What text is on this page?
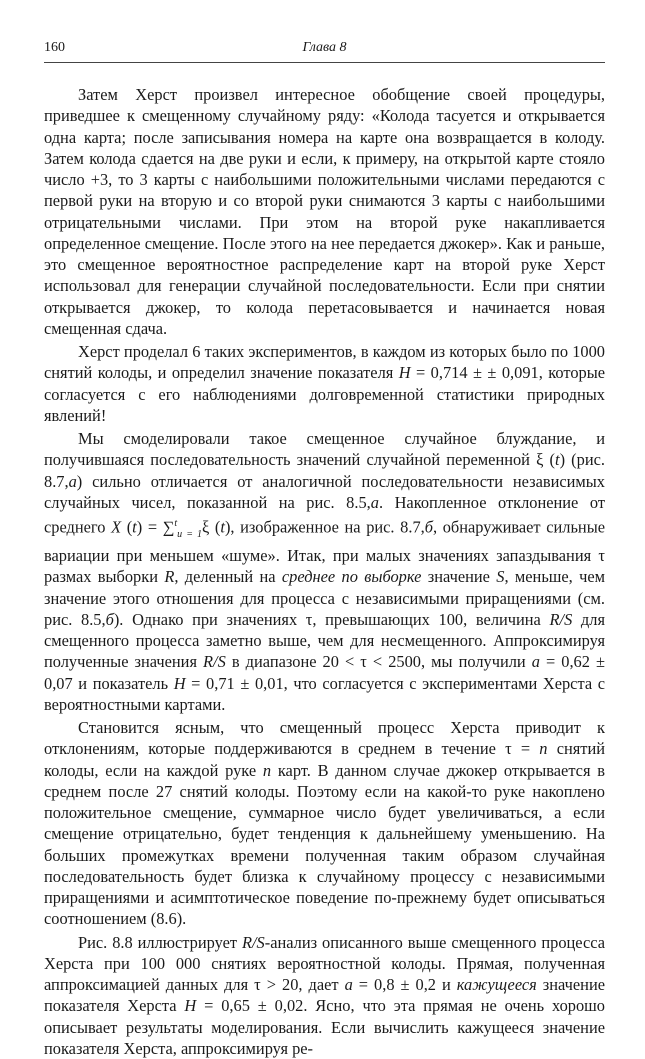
160	Глава 8

Затем Херст произвел интересное обобщение своей процедуры, приведшее к смещенному случайному ряду: «Колода тасуется и открывается одна карта; после записывания номера на карте она возвращается в колоду. Затем колода сдается на две руки и если, к примеру, на открытой карте стояло число +3, то 3 карты с наибольшими положительными числами передаются с первой руки на вторую и со второй руки снимаются 3 карты с наибольшими отрицательными числами. При этом на второй руке накапливается определенное смещение. После этого на нее передается джокер». Как и раньше, это смещенное вероятностное распределение карт на второй руке Херст использовал для генерации случайной последовательности. Если при снятии открывается джокер, то колода перетасовывается и начинается новая смещенная сдача.

Херст проделал 6 таких экспериментов, в каждом из которых было по 1000 снятий колоды, и определил значение показателя H = 0,714 ± ± 0,091, которые согласуется с его наблюдениями долговременной статистики природных явлений!

Мы смоделировали такое смещенное случайное блуждание, и получившаяся последовательность значений случайной переменной ξ (t) (рис. 8.7,a) сильно отличается от аналогичной последовательности независимых случайных чисел, показанной на рис. 8.5,a. Накопленное отклонение от среднего X (t) = ∑$^t_{u = 1}$ξ (t), изображенное на рис. 8.7,б, обнаруживает сильные вариации при меньшем «шуме». Итак, при малых значениях запаздывания τ размах выборки R, деленный на среднее по выборке значение S, меньше, чем значение этого отношения для процесса с независимыми приращениями (см. рис. 8.5,б). Однако при значениях τ, превышающих 100, величина R/S для смещенного процесса заметно выше, чем для несмещенного. Аппроксимируя полученные значения R/S в диапазоне 20 < τ < 2500, мы получили a = 0,62 ± 0,07 и показатель H = 0,71 ± 0,01, что согласуется с экспериментами Херста с вероятностными картами.

Становится ясным, что смещенный процесс Херста приводит к отклонениям, которые поддерживаются в среднем в течение τ = n снятий колоды, если на каждой руке n карт. В данном случае джокер открывается в среднем после 27 снятий колоды. Поэтому если на какой-то руке накоплено положительное смещение, суммарное число будет увеличиваться, а если смещение отрицательно, будет тенденция к дальнейшему уменьшению. На больших промежутках времени полученная таким образом случайная последовательность будет близка к случайному процессу с независимыми приращениями и асимптотическое поведение по-прежнему будет описываться соотношением (8.6).

Рис. 8.8 иллюстрирует R/S-анализ описанного выше смещенного процесса Херста при 100 000 снятиях вероятностной колоды. Прямая, полученная аппроксимацией данных для τ > 20, дает a = 0,8 ± 0,2 и кажущееся значение показателя Херста H = 0,65 ± 0,02. Ясно, что эта прямая не очень хорошо описывает результаты моделирования. Если вычислить кажущееся значение показателя Херста, аппроксимируя ре-
